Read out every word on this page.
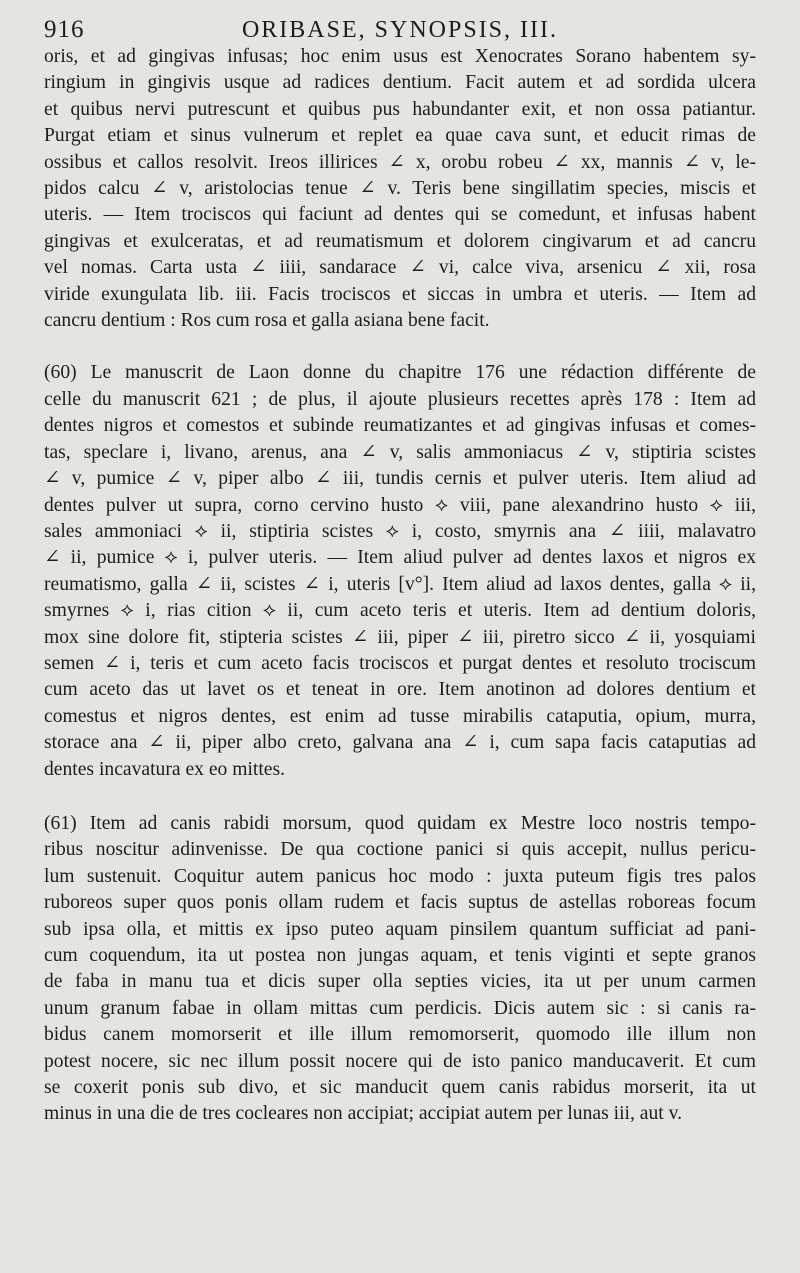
916	ORIBASE, SYNOPSIS, III.
oris, et ad gingivas infusas; hoc enim usus est Xenocrates Sorano habentem sy-
ringium in gingivis usque ad radices dentium. Facit autem et ad sordida ulcera
et quibus nervi putrescunt et quibus pus habundanter exit, et non ossa patiantur.
Purgat etiam et sinus vulnerum et replet ea quae cava sunt, et educit rimas de
ossibus et callos resolvit. Ireos illirices ∠ x, orobu robeu ∠ xx, mannis ∠ v, le-
pidos calcu ∠ v, aristolocias tenue ∠ v. Teris bene singillatim species, miscis et
uteris. — Item trociscos qui faciunt ad dentes qui se comedunt, et infusas habent
gingivas et exulceratas, et ad reumatismum et dolorem cingivarum et ad cancru
vel nomas. Carta usta ∠ iiii, sandarace ∠ vi, calce viva, arsenicu ∠ xii, rosa
viride exungulata lib. iii. Facis trociscos et siccas in umbra et uteris. — Item ad
cancru dentium : Ros cum rosa et galla asiana bene facit.
(60) Le manuscrit de Laon donne du chapitre 176 une rédaction différente de
celle du manuscrit 621 ; de plus, il ajoute plusieurs recettes après 178 : Item ad
dentes nigros et comestos et subinde reumatizantes et ad gingivas infusas et comes-
tas, speclare i, livano, arenus, ana ∠ v, salis ammoniacus ∠ v, stiptiria scistes
∠ v, pumice ∠ v, piper albo ∠ iii, tundis cernis et pulver uteris. Item aliud ad
dentes pulver ut supra, corno cervino husto ⟡ viii, pane alexandrino husto ⟡ iii,
sales ammoniaci ⟡ ii, stiptiria scistes ⟡ i, costo, smyrnis ana ∠ iiii, malavatro
∠ ii, pumice ⟡ i, pulver uteris. — Item aliud pulver ad dentes laxos et nigros ex
reumatismo, galla ∠ ii, scistes ∠ i, uteris [v°]. Item aliud ad laxos dentes, galla ⟡ ii,
smyrnes ⟡ i, rias cition ⟡ ii, cum aceto teris et uteris. Item ad dentium doloris,
mox sine dolore fit, stipteria scistes ∠ iii, piper ∠ iii, piretro sicco ∠ ii, yosquiami
semen ∠ i, teris et cum aceto facis trociscos et purgat dentes et resoluto trociscum
cum aceto das ut lavet os et teneat in ore. Item anotinon ad dolores dentium et
comestus et nigros dentes, est enim ad tusse mirabilis cataputia, opium, murra,
storace ana ∠ ii, piper albo creto, galvana ana ∠ i, cum sapa facis cataputias ad
dentes incavatura ex eo mittes.
(61) Item ad canis rabidi morsum, quod quidam ex Mestre loco nostris tempo-
ribus noscitur adinvenisse. De qua coctione panici si quis accepit, nullus pericu-
lum sustenuit. Coquitur autem panicus hoc modo : juxta puteum figis tres palos
ruboreos super quos ponis ollam rudem et facis suptus de astellas roboreas focum
sub ipsa olla, et mittis ex ipso puteo aquam pinsilem quantum sufficiat ad pani-
cum coquendum, ita ut postea non jungas aquam, et tenis viginti et septe granos
de faba in manu tua et dicis super olla septies vicies, ita ut per unum carmen
unum granum fabae in ollam mittas cum perdicis. Dicis autem sic : si canis ra-
bidus canem momorserit et ille illum remomorserit, quomodo ille illum non
potest nocere, sic nec illum possit nocere qui de isto panico manducaverit. Et cum
se coxerit ponis sub divo, et sic manducit quem canis rabidus morserit, ita ut
minus in una die de tres cocleares non accipiat; accipiat autem per lunas iii, aut v.
